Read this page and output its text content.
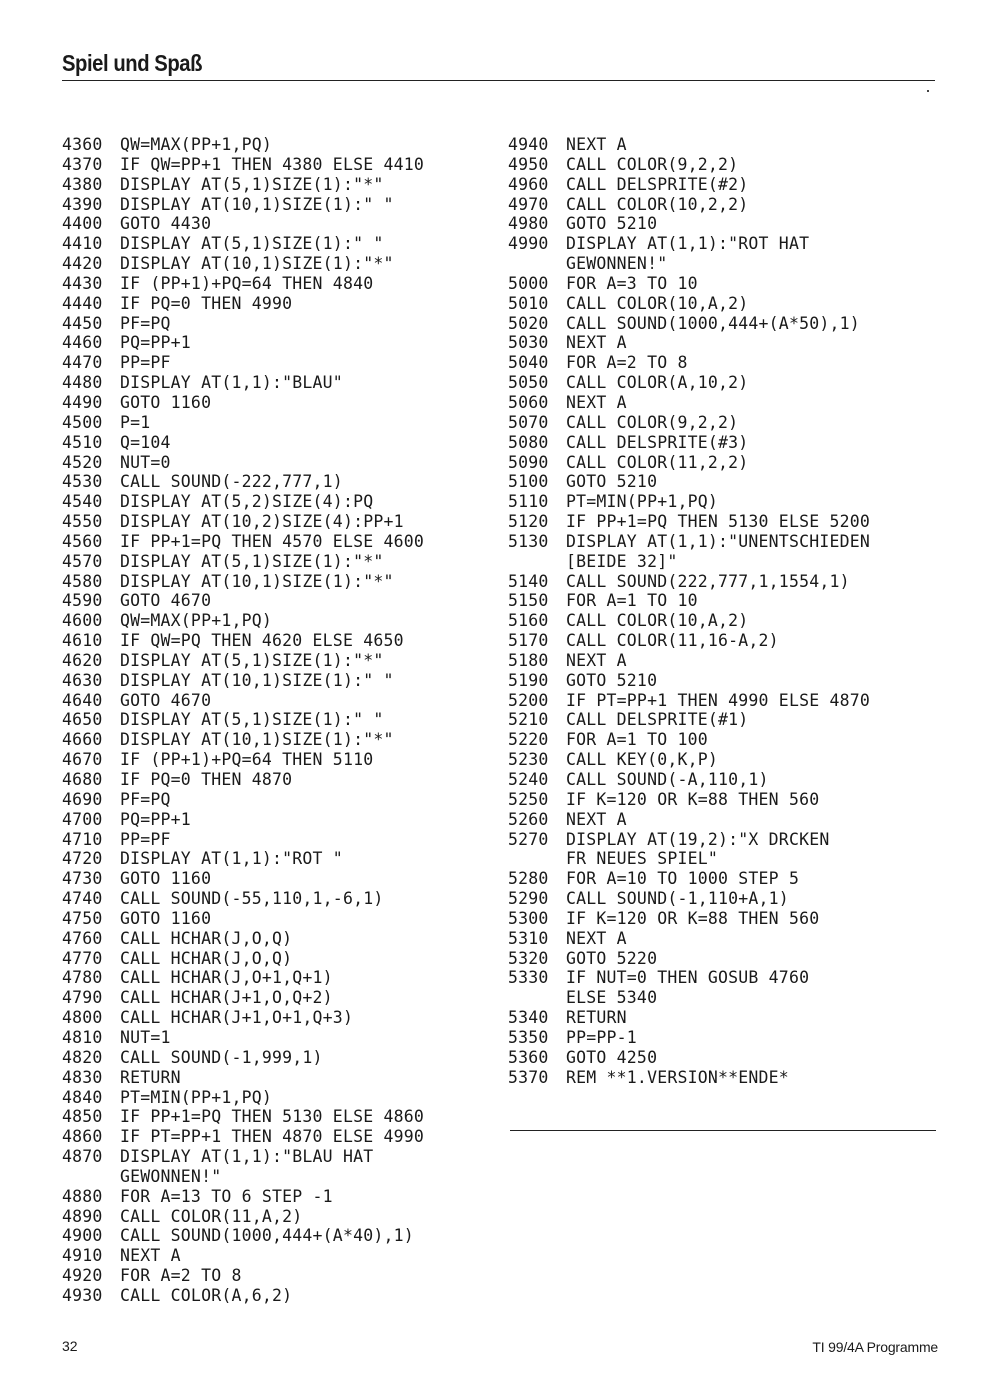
Spiel und Spaß
4360 QW=MAX(PP+1,PQ)
4370 IF QW=PP+1 THEN 4380 ELSE 4410
4380 DISPLAY AT(5,1)SIZE(1):"*"
4390 DISPLAY AT(10,1)SIZE(1):" "
4400 GOTO 4430
4410 DISPLAY AT(5,1)SIZE(1):" "
4420 DISPLAY AT(10,1)SIZE(1):"*"
4430 IF (PP+1)+PQ=64 THEN 4840
4440 IF PQ=0 THEN 4990
4450 PF=PQ
4460 PQ=PP+1
4470 PP=PF
4480 DISPLAY AT(1,1):"BLAU"
4490 GOTO 1160
4500 P=1
4510 Q=104
4520 NUT=0
4530 CALL SOUND(-222,777,1)
4540 DISPLAY AT(5,2)SIZE(4):PQ
4550 DISPLAY AT(10,2)SIZE(4):PP+1
4560 IF PP+1=PQ THEN 4570 ELSE 4600
4570 DISPLAY AT(5,1)SIZE(1):"*"
4580 DISPLAY AT(10,1)SIZE(1):"*"
4590 GOTO 4670
4600 QW=MAX(PP+1,PQ)
4610 IF QW=PQ THEN 4620 ELSE 4650
4620 DISPLAY AT(5,1)SIZE(1):"*"
4630 DISPLAY AT(10,1)SIZE(1):" "
4640 GOTO 4670
4650 DISPLAY AT(5,1)SIZE(1):" "
4660 DISPLAY AT(10,1)SIZE(1):"*"
4670 IF (PP+1)+PQ=64 THEN 5110
4680 IF PQ=0 THEN 4870
4690 PF=PQ
4700 PQ=PP+1
4710 PP=PF
4720 DISPLAY AT(1,1):"ROT "
4730 GOTO 1160
4740 CALL SOUND(-55,110,1,-6,1)
4750 GOTO 1160
4760 CALL HCHAR(J,O,Q)
4770 CALL HCHAR(J,O,Q)
4780 CALL HCHAR(J,O+1,Q+1)
4790 CALL HCHAR(J+1,O,Q+2)
4800 CALL HCHAR(J+1,O+1,Q+3)
4810 NUT=1
4820 CALL SOUND(-1,999,1)
4830 RETURN
4840 PT=MIN(PP+1,PQ)
4850 IF PP+1=PQ THEN 5130 ELSE 4860
4860 IF PT=PP+1 THEN 4870 ELSE 4990
4870 DISPLAY AT(1,1):"BLAU HAT
GEWONNEN!"
4880 FOR A=13 TO 6 STEP -1
4890 CALL COLOR(11,A,2)
4900 CALL SOUND(1000,444+(A*40),1)
4910 NEXT A
4920 FOR A=2 TO 8
4930 CALL COLOR(A,6,2)
4940 NEXT A
4950 CALL COLOR(9,2,2)
4960 CALL DELSPRITE(#2)
4970 CALL COLOR(10,2,2)
4980 GOTO 5210
4990 DISPLAY AT(1,1):"ROT HAT
GEWONNEN!"
5000 FOR A=3 TO 10
5010 CALL COLOR(10,A,2)
5020 CALL SOUND(1000,444+(A*50),1)
5030 NEXT A
5040 FOR A=2 TO 8
5050 CALL COLOR(A,10,2)
5060 NEXT A
5070 CALL COLOR(9,2,2)
5080 CALL DELSPRITE(#3)
5090 CALL COLOR(11,2,2)
5100 GOTO 5210
5110 PT=MIN(PP+1,PQ)
5120 IF PP+1=PQ THEN 5130 ELSE 5200
5130 DISPLAY AT(1,1):"UNENTSCHIEDEN
[BEIDE 32]"
5140 CALL SOUND(222,777,1,1554,1)
5150 FOR A=1 TO 10
5160 CALL COLOR(10,A,2)
5170 CALL COLOR(11,16-A,2)
5180 NEXT A
5190 GOTO 5210
5200 IF PT=PP+1 THEN 4990 ELSE 4870
5210 CALL DELSPRITE(#1)
5220 FOR A=1 TO 100
5230 CALL KEY(0,K,P)
5240 CALL SOUND(-A,110,1)
5250 IF K=120 OR K=88 THEN 560
5260 NEXT A
5270 DISPLAY AT(19,2):"X DRCKEN
FR NEUES SPIEL"
5280 FOR A=10 TO 1000 STEP 5
5290 CALL SOUND(-1,110+A,1)
5300 IF K=120 OR K=88 THEN 560
5310 NEXT A
5320 GOTO 5220
5330 IF NUT=0 THEN GOSUB 4760
ELSE 5340
5340 RETURN
5350 PP=PP-1
5360 GOTO 4250
5370 REM **1.VERSION**ENDE*
32	TI 99/4A Programme
